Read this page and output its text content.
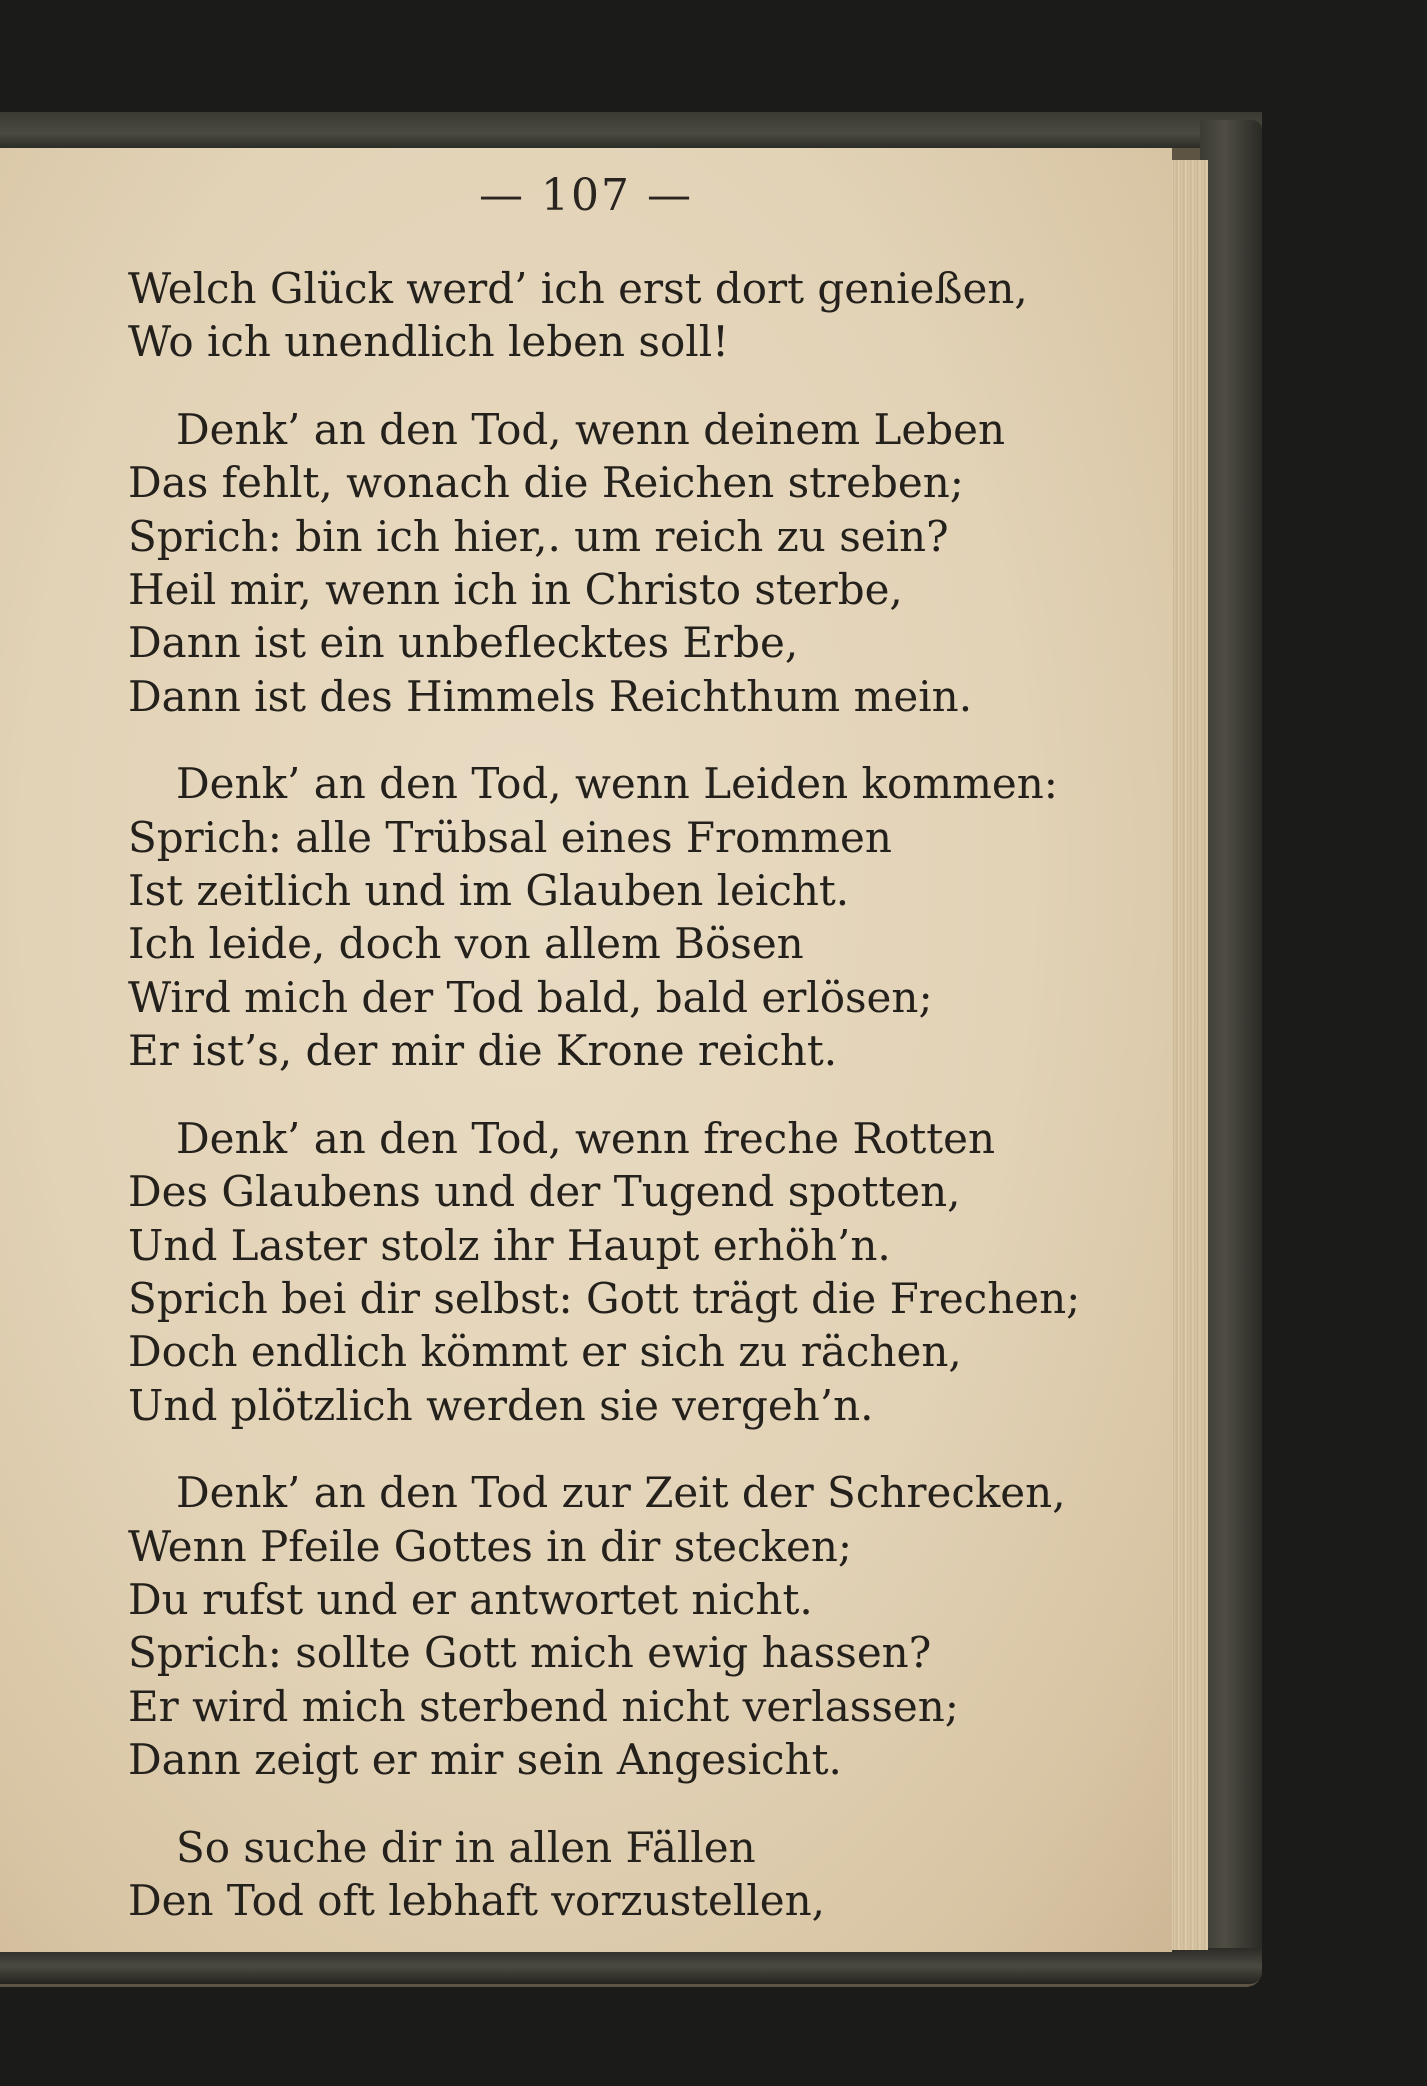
— 107 —
Welch Glück werd’ ich erst dort genießen,
Wo ich unendlich leben soll!
Denk’ an den Tod, wenn deinem Leben
Das fehlt, wonach die Reichen streben;
Sprich: bin ich hier,. um reich zu sein?
Heil mir, wenn ich in Christo sterbe,
Dann ist ein unbeflecktes Erbe,
Dann ist des Himmels Reichthum mein.
Denk’ an den Tod, wenn Leiden kommen:
Sprich: alle Trübsal eines Frommen
Ist zeitlich und im Glauben leicht.
Ich leide, doch von allem Bösen
Wird mich der Tod bald, bald erlösen;
Er ist’s, der mir die Krone reicht.
Denk’ an den Tod, wenn freche Rotten
Des Glaubens und der Tugend spotten,
Und Laster stolz ihr Haupt erhöh’n.
Sprich bei dir selbst: Gott trägt die Frechen;
Doch endlich kömmt er sich zu rächen,
Und plötzlich werden sie vergeh’n.
Denk’ an den Tod zur Zeit der Schrecken,
Wenn Pfeile Gottes in dir stecken;
Du rufst und er antwortet nicht.
Sprich: sollte Gott mich ewig hassen?
Er wird mich sterbend nicht verlassen;
Dann zeigt er mir sein Angesicht.
So suche dir in allen Fällen
Den Tod oft lebhaft vorzustellen,
